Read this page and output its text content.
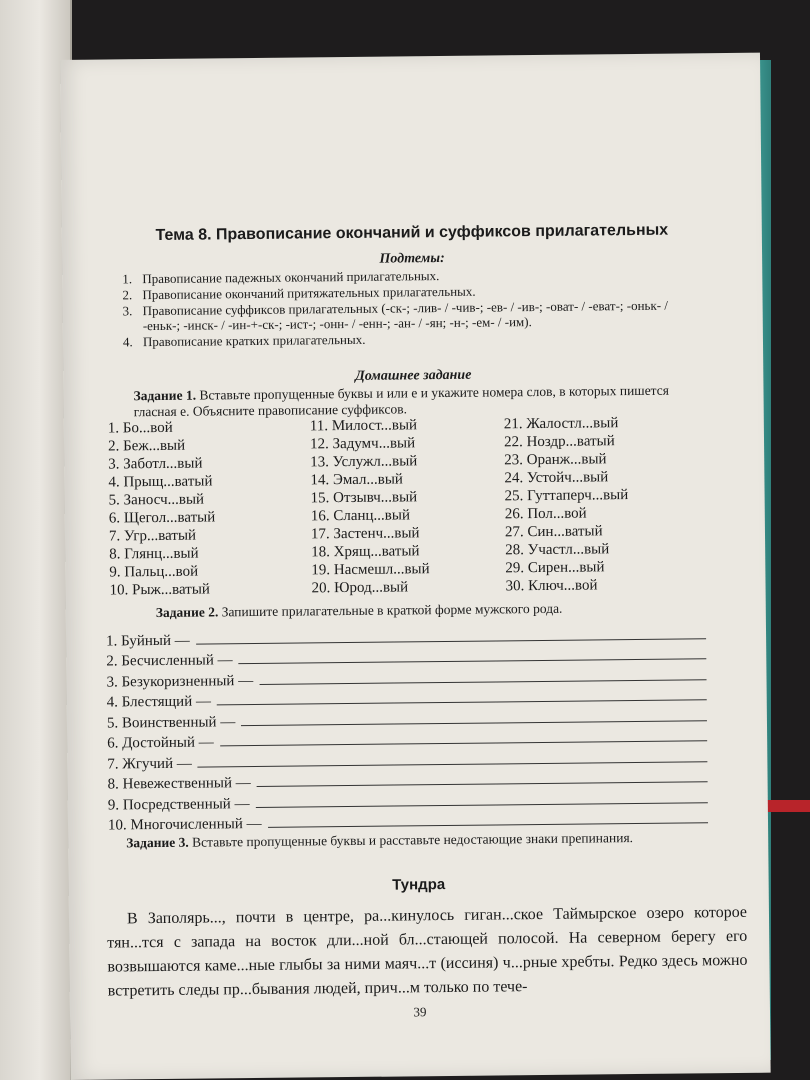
Тема 8. Правописание окончаний и суффиксов прилагательных
Подтемы:
1. Правописание падежных окончаний прилагательных.
2. Правописание окончаний притяжательных прилагательных.
3. Правописание суффиксов прилагательных (-ск-; -лив- / -чив-; -ев- / -ив-; -оват- / -еват-; -оньк- / -еньк-; -инск- / -ин-+-ск-; -ист-; -онн- / -енн-; -ан- / -ян; -н-; -ем- / -им).
4. Правописание кратких прилагательных.
Домашнее задание
Задание 1. Вставьте пропущенные буквы и или е и укажите номера слов, в которых пишется гласная е. Объясните правописание суффиксов.
1. Бо...вой
2. Беж...вый
3. Заботл...вый
4. Прыщ...ватый
5. Заносч...вый
6. Щегол...ватый
7. Угр...ватый
8. Глянц...вый
9. Пальц...вой
10. Рыж...ватый
11. Милост...вый
12. Задумч...вый
13. Услужл...вый
14. Эмал...вый
15. Отзывч...вый
16. Сланц...вый
17. Застенч...вый
18. Хрящ...ватый
19. Насмешл...вый
20. Юрод...вый
21. Жалостл...вый
22. Ноздр...ватый
23. Оранж...вый
24. Устойч...вый
25. Гуттаперч...вый
26. Пол...вой
27. Син...ватый
28. Участл...вый
29. Сирен...вый
30. Ключ...вой
Задание 2. Запишите прилагательные в краткой форме мужского рода.
1. Буйный —
2. Бесчисленный —
3. Безукоризненный —
4. Блестящий —
5. Воинственный —
6. Достойный —
7. Жгучий —
8. Невежественный —
9. Посредственный —
10. Многочисленный —
Задание 3. Вставьте пропущенные буквы и расставьте недостающие знаки препинания.
Тундра
В Заполярь..., почти в центре, ра...кинулось гиган...ское Таймырское озеро которое тян...тся с запада на восток дли...ной бл...стающей полосой. На северном берегу его возвышаются каме...ные глыбы за ними маяч...т (иссиня) ч...рные хребты. Редко здесь можно встретить следы пр...бывания людей, прич...м только по тече-
39
